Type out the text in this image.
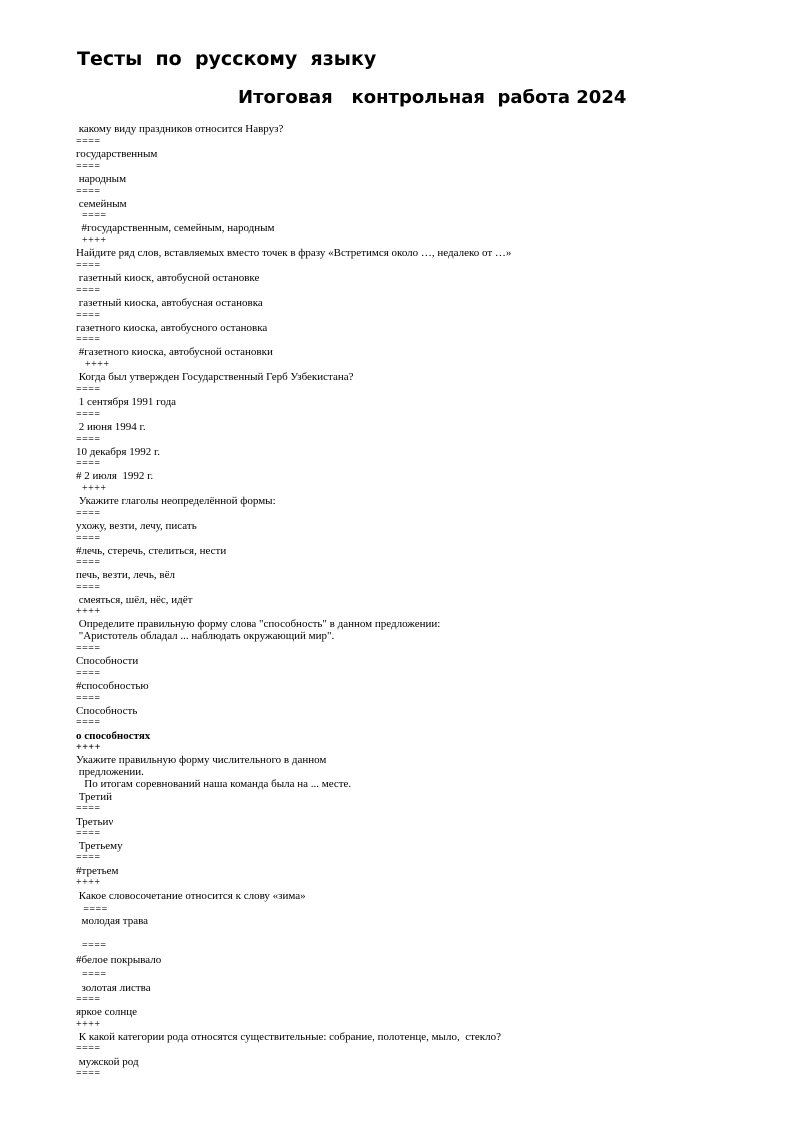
Тесты  по  русскому  языку
Итоговая   контрольная  работа 2024
какому виду праздников относится Навруз?
====
государственным
====
народным
====
семейным
====
#государственным, семейным, народным
++++
Найдите ряд слов, вставляемых вместо точек в фразу «Встретимся около …, недалеко от …»
====
газетный киоск, автобусной остановке
====
газетный киоска, автобусная остановка
====
газетного киоска, автобусного остановка
====
#газетного киоска, автобусной остановки
++++
Когда был утвержден Государственный Герб Узбекистана?
====
1 сентября 1991 года
====
2 июня 1994 г.
====
10 декабря 1992 г.
====
# 2 июля  1992 г.
++++
Укажите глаголы неопределённой формы:
====
ухожу, везти, лечу, писать
====
#лечь, стеречь, стелиться, нести
====
печь, везти, лечь, вёл
====
смеяться, шёл, нёс, идёт
++++
Определите правильную форму слова "способность" в данном предложении:
"Аристотель обладал ... наблюдать окружающий мир".
====
Способности
====
#способностью
====
Способность
====
о способностях
++++
Укажите правильную форму числительного в данном
предложении.
По итогам соревнований наша команда была на ... месте.
Третий
====
Третьиν
====
Третьему
====
#третьем
++++
Какое словосочетание относится к слову «зима»
====
молодая трава
====
#белое покрывало
====
золотая листва
====
яркое солнце
++++
К какой категории рода относятся существительные: собрание, полотенце, мыло,  стекло?
====
мужской род
====
